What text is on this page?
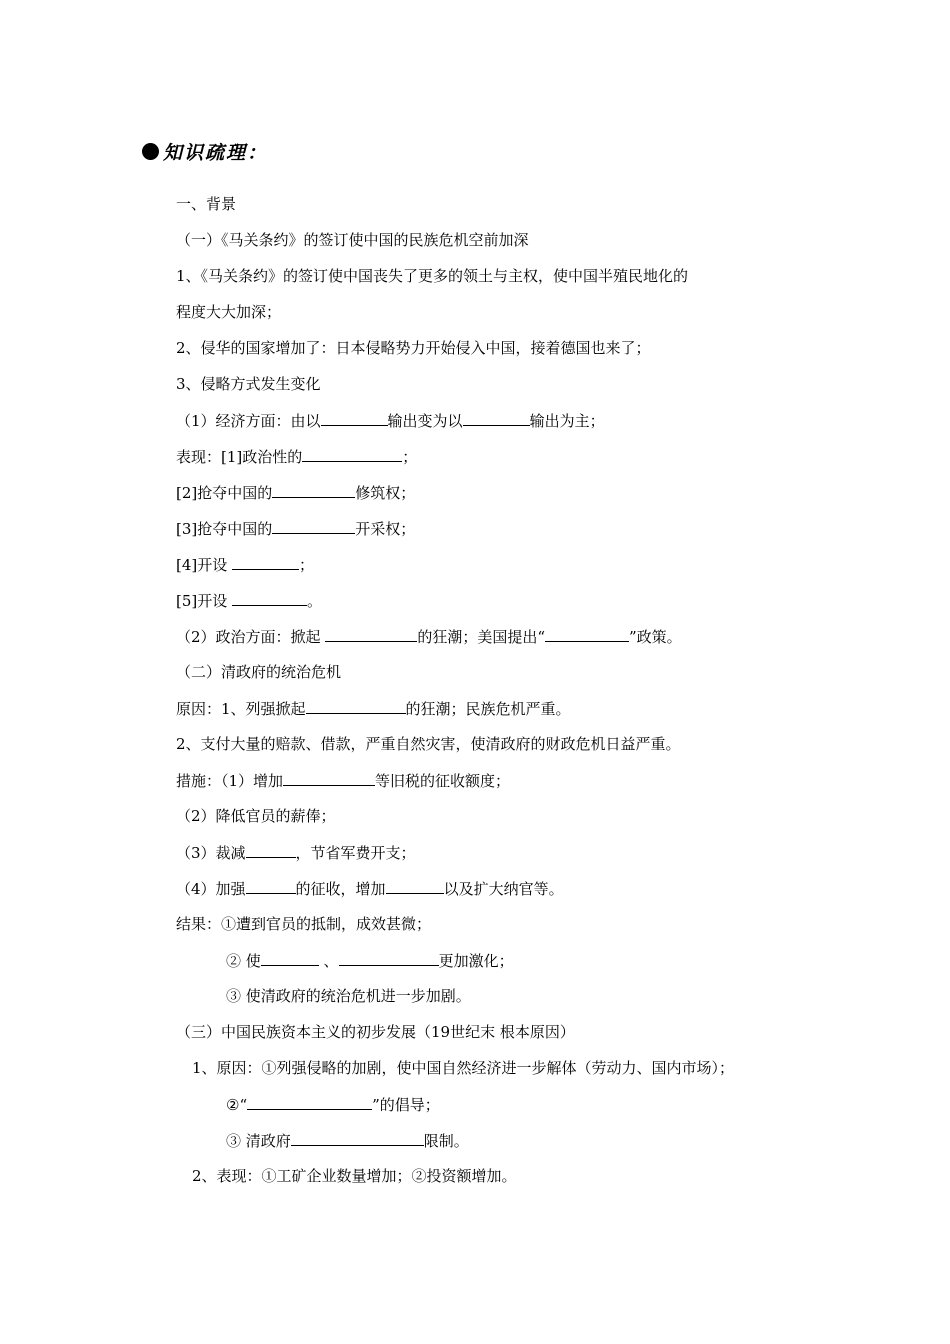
知识疏理：
一、背景
（一）《马关条约》的签订使中国的民族危机空前加深
1、《马关条约》的签订使中国丧失了更多的领土与主权，使中国半殖民地化的
程度大大加深；
2、侵华的国家增加了：日本侵略势力开始侵入中国，接着德国也来了；
3、侵略方式发生变化
（1）经济方面：由以	输出变为以	输出为主；
表现：[1]政治性的	；
[2]抢夺中国的	修筑权；
[3]抢夺中国的	开采权；
[4]开设	；
[5]开设	。
（2）政治方面：掀起	的狂潮；美国提出“	”政策。
（二）清政府的统治危机
原因：1、列强掀起	的狂潮；民族危机严重。
2、支付大量的赔款、借款，严重自然灾害，使清政府的财政危机日益严重。
措施：（1）增加	等旧税的征收额度；
（2）降低官员的薪俸；
（3）裁减	，节省军费开支；
（4）加强	的征收，增加	以及扩大纳官等。
结果：①遭到官员的抵制，成效甚微；
② 使	、	更加激化；
③ 使清政府的统治危机进一步加剧。
（三）中国民族资本主义的初步发展（19世纪末 根本原因）
1、原因：①列强侵略的加剧，使中国自然经济进一步解体（劳动力、国内市场）；
②“	”的倡导；
③ 清政府	限制。
2、表现：①工矿企业数量增加；②投资额增加。
